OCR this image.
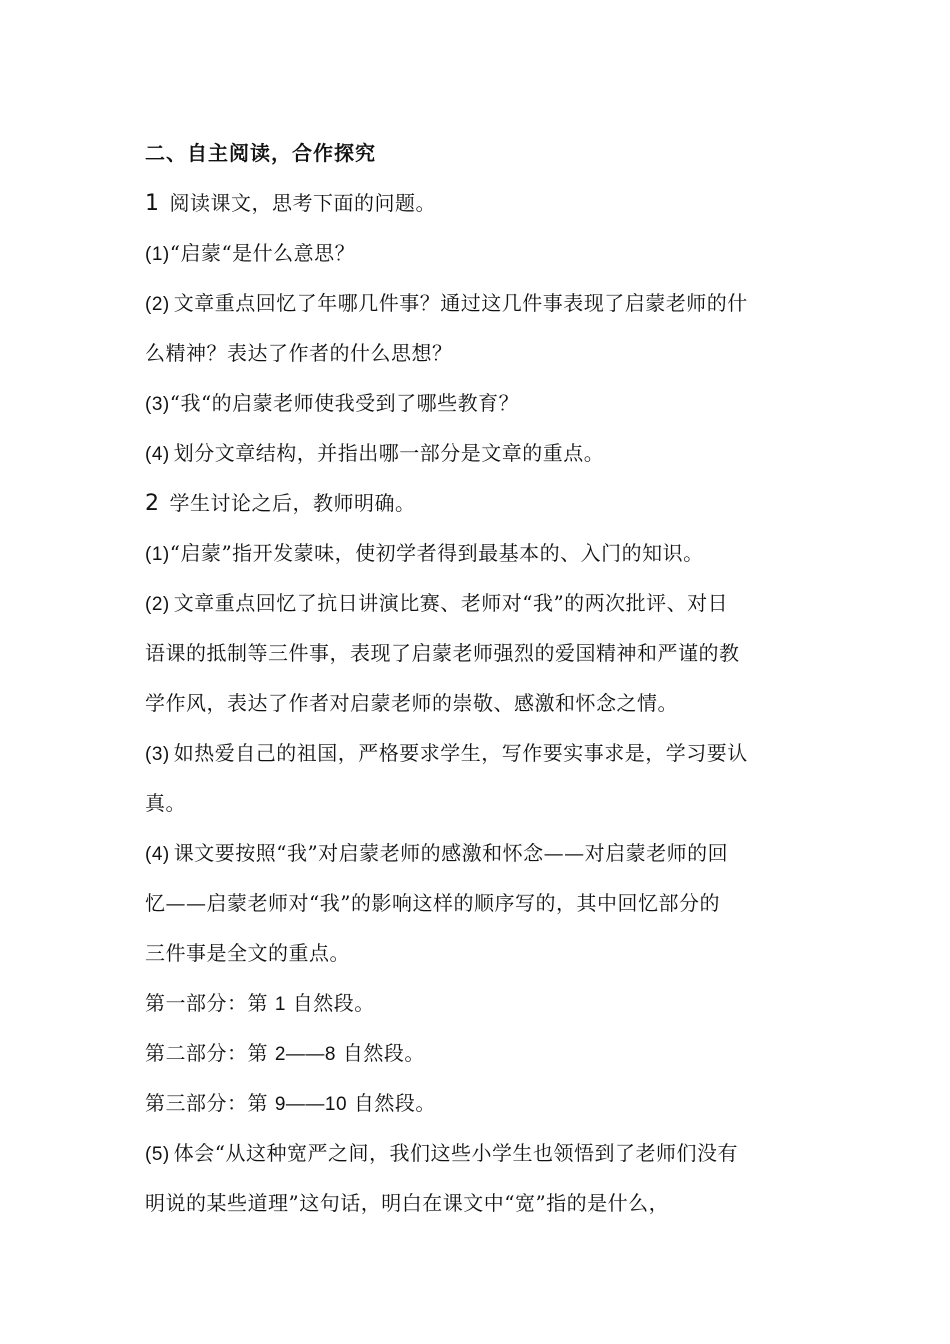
二、自主阅读，合作探究
1 阅读课文，思考下面的问题。
(1)“启蒙“是什么意思？
(2) 文章重点回忆了年哪几件事？通过这几件事表现了启蒙老师的什
么精神？表达了作者的什么思想？
(3)“我“的启蒙老师使我受到了哪些教育？
(4) 划分文章结构，并指出哪一部分是文章的重点。
2 学生讨论之后，教师明确。
(1)“启蒙”指开发蒙味，使初学者得到最基本的、入门的知识。
(2) 文章重点回忆了抗日讲演比赛、老师对“我”的两次批评、对日
语课的抵制等三件事，表现了启蒙老师强烈的爱国精神和严谨的教
学作风，表达了作者对启蒙老师的崇敬、感激和怀念之情。
(3) 如热爱自己的祖国，严格要求学生，写作要实事求是，学习要认
真。
(4) 课文要按照“我”对启蒙老师的感激和怀念——对启蒙老师的回
忆——启蒙老师对“我”的影响这样的顺序写的，其中回忆部分的
三件事是全文的重点。
第一部分：第 1 自然段。
第二部分：第 2——8 自然段。
第三部分：第 9——10 自然段。
(5) 体会“从这种宽严之间，我们这些小学生也领悟到了老师们没有
明说的某些道理”这句话，明白在课文中“宽”指的是什么，
